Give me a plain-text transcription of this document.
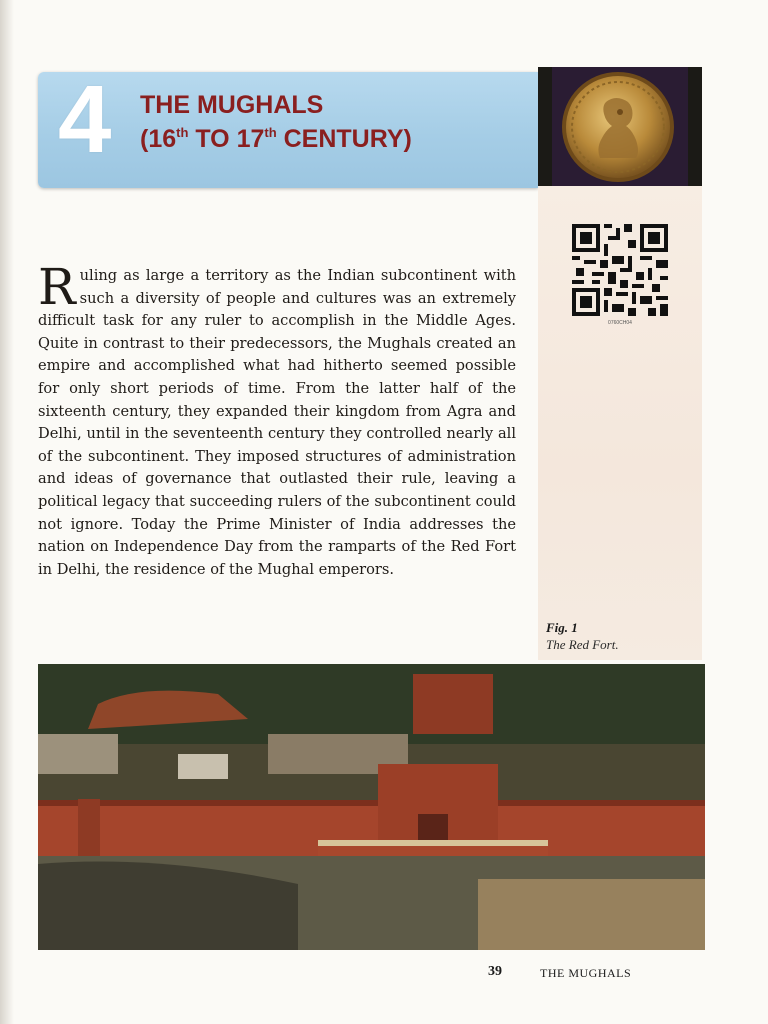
4	THE MUGHALS
(16th TO 17th CENTURY)
0760CH04
Fig. 1
The Red Fort.
Ruling as large a territory as the Indian subcontinent with such a diversity of people and cultures was an extremely difficult task for any ruler to accomplish in the Middle Ages. Quite in contrast to their predecessors, the Mughals created an empire and accomplished what had hitherto seemed possible for only short periods of time. From the latter half of the sixteenth century, they expanded their kingdom from Agra and Delhi, until in the seventeenth century they controlled nearly all of the subcontinent. They imposed structures of administration and ideas of governance that outlasted their rule, leaving a political legacy that succeeding rulers of the subcontinent could not ignore. Today the Prime Minister of India addresses the nation on Independence Day from the ramparts of the Red Fort in Delhi, the residence of the Mughal emperors.
39	THE MUGHALS
